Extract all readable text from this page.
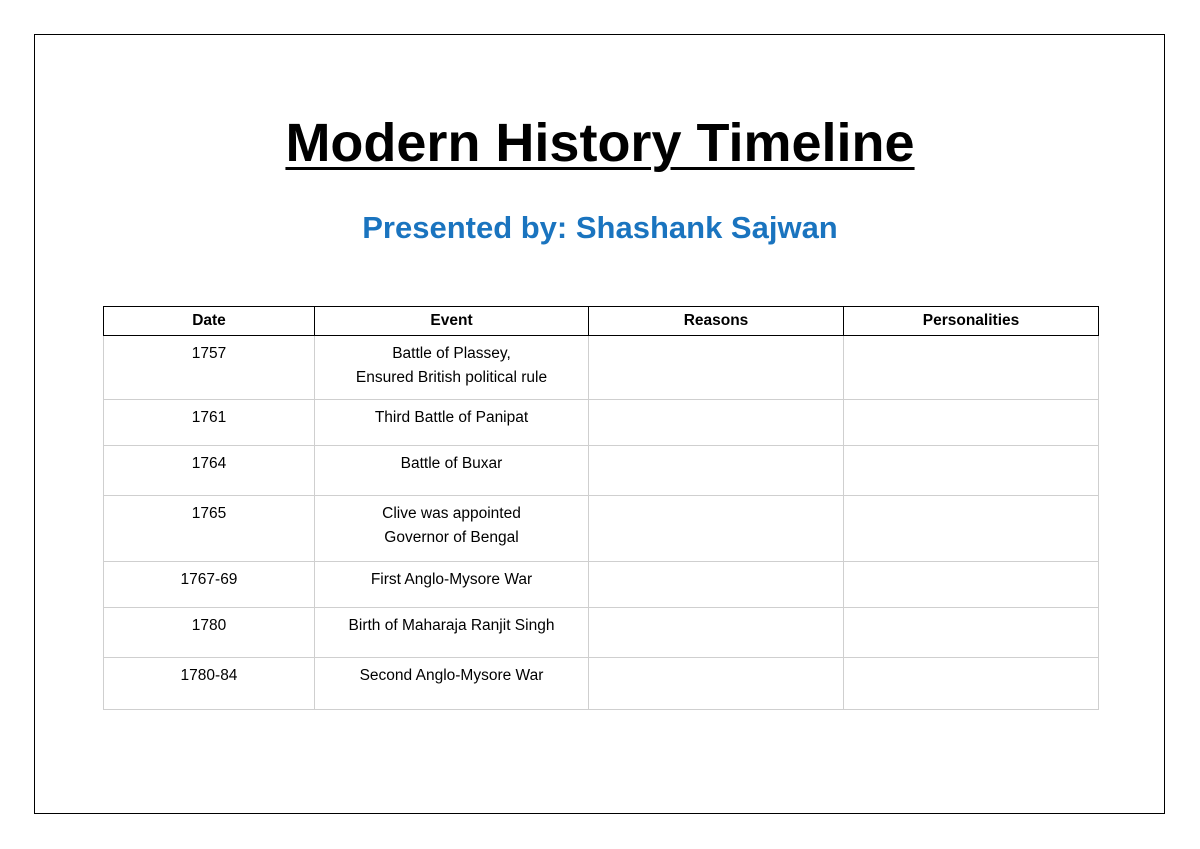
Modern History Timeline
Presented by: Shashank Sajwan
Date	Event	Reasons	Personalities
1757	Battle of Plassey,
Ensured British political rule		

1761	Third Battle of Panipat		

1764	Battle of Buxar		

1765	Clive was appointed
Governor of Bengal		

1767-69	First Anglo-Mysore War		

1780	Birth of Maharaja Ranjit Singh		

1780-84	Second Anglo-Mysore War		
